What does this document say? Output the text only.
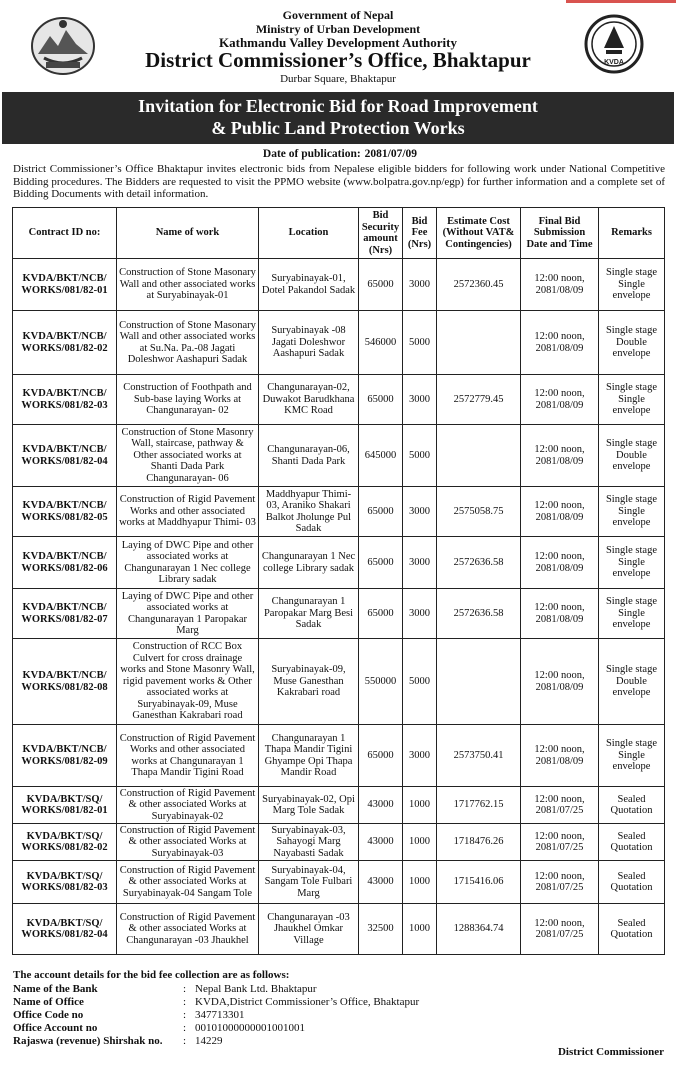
KVDA
Government of Nepal
Ministry of Urban Development
Kathmandu Valley Development Authority
District Commissioner’s Office, Bhaktapur
Durbar Square, Bhaktapur
Invitation for Electronic Bid for Road Improvement
& Public Land Protection Works
Date of publication: 2081/07/09
District Commissioner’s Office Bhaktapur invites electronic bids from Nepalese eligible bidders for following work under National Competitive Bidding procedures. The Bidders are requested to visit the PPMO website (www.bolpatra.gov.np/egp) for further information and a complete set of Bidding Documents with detail information.
Contract ID no:	Name of work	Location	Bid Security amount (Nrs)	Bid Fee (Nrs)	Estimate Cost (Without VAT& Contingencies)	Final Bid Submission Date and Time	Remarks
KVDA/BKT/NCB/ WORKS/081/82-01	Construction of Stone Masonary Wall and other associated works at Suryabinayak-01	Suryabinayak-01, Dotel Pakandol Sadak	65000	3000	2572360.45	12:00 noon, 2081/08/09	Single stage Single envelope
KVDA/BKT/NCB/ WORKS/081/82-02	Construction of Stone Masonary Wall and other associated works at Su.Na. Pa.-08 Jagati Doleshwor Aashapuri Sadak	Suryabinayak -08 Jagati Doleshwor Aashapuri Sadak	546000	5000		12:00 noon, 2081/08/09	Single stage Double envelope
KVDA/BKT/NCB/ WORKS/081/82-03	Construction of Foothpath and Sub-base laying Works at Changunarayan- 02	Changunarayan-02, Duwakot Barudkhana KMC Road	65000	3000	2572779.45	12:00 noon, 2081/08/09	Single stage Single envelope
KVDA/BKT/NCB/ WORKS/081/82-04	Construction of Stone Masonry Wall, staircase, pathway & Other associated works at Shanti Dada Park Changunarayan- 06	Changunarayan-06, Shanti Dada Park	645000	5000		12:00 noon, 2081/08/09	Single stage Double envelope
KVDA/BKT/NCB/ WORKS/081/82-05	Construction of Rigid Pavement Works and other associated works at Maddhyapur Thimi- 03	Maddhyapur Thimi- 03, Araniko Shakari Balkot Jholunge Pul Sadak	65000	3000	2575058.75	12:00 noon, 2081/08/09	Single stage Single envelope
KVDA/BKT/NCB/ WORKS/081/82-06	Laying of DWC Pipe and other associated works at Changunarayan 1 Nec college Library sadak	Changunarayan 1 Nec college Library sadak	65000	3000	2572636.58	12:00 noon, 2081/08/09	Single stage Single envelope
KVDA/BKT/NCB/ WORKS/081/82-07	Laying of DWC Pipe and other associated works at Changunarayan 1 Paropakar Marg	Changunarayan 1 Paropakar Marg Besi Sadak	65000	3000	2572636.58	12:00 noon, 2081/08/09	Single stage Single envelope
KVDA/BKT/NCB/ WORKS/081/82-08	Construction of RCC Box Culvert for cross drainage works and Stone Masonry Wall, rigid pavement works & Other associated works at Suryabinayak-09, Muse Ganesthan Kakrabari road	Suryabinayak-09, Muse Ganesthan Kakrabari road	550000	5000		12:00 noon, 2081/08/09	Single stage Double envelope
KVDA/BKT/NCB/ WORKS/081/82-09	Construction of Rigid Pavement Works and other associated works at Changunarayan 1 Thapa Mandir Tigini Road	Changunarayan 1 Thapa Mandir Tigini Ghyampe Opi Thapa Mandir Road	65000	3000	2573750.41	12:00 noon, 2081/08/09	Single stage Single envelope
KVDA/BKT/SQ/ WORKS/081/82-01	Construction of Rigid Pavement & other associated Works at Suryabinayak-02	Suryabinayak-02, Opi Marg Tole Sadak	43000	1000	1717762.15	12:00 noon, 2081/07/25	Sealed Quotation
KVDA/BKT/SQ/ WORKS/081/82-02	Construction of Rigid Pavement & other associated Works at Suryabinayak-03	Suryabinayak-03, Sahayogi Marg Nayabasti Sadak	43000	1000	1718476.26	12:00 noon, 2081/07/25	Sealed Quotation
KVDA/BKT/SQ/ WORKS/081/82-03	Construction of Rigid Pavement & other associated Works at Suryabinayak-04 Sangam Tole	Suryabinayak-04, Sangam Tole Fulbari Marg	43000	1000	1715416.06	12:00 noon, 2081/07/25	Sealed Quotation
KVDA/BKT/SQ/ WORKS/081/82-04	Construction of Rigid Pavement & other associated Works at Changunarayan -03 Jhaukhel	Changunarayan -03 Jhaukhel Omkar Village	32500	1000	1288364.74	12:00 noon, 2081/07/25	Sealed Quotation
The account details for the bid fee collection are as follows:
Name of the Bank	: Nepal Bank Ltd. Bhaktapur
Name of Office	: KVDA,District Commissioner’s Office, Bhaktapur
Office Code no	: 347713301
Office Account no	: 00101000000001001001
Rajaswa (revenue) Shirshak no. : 14229
District Commissioner
